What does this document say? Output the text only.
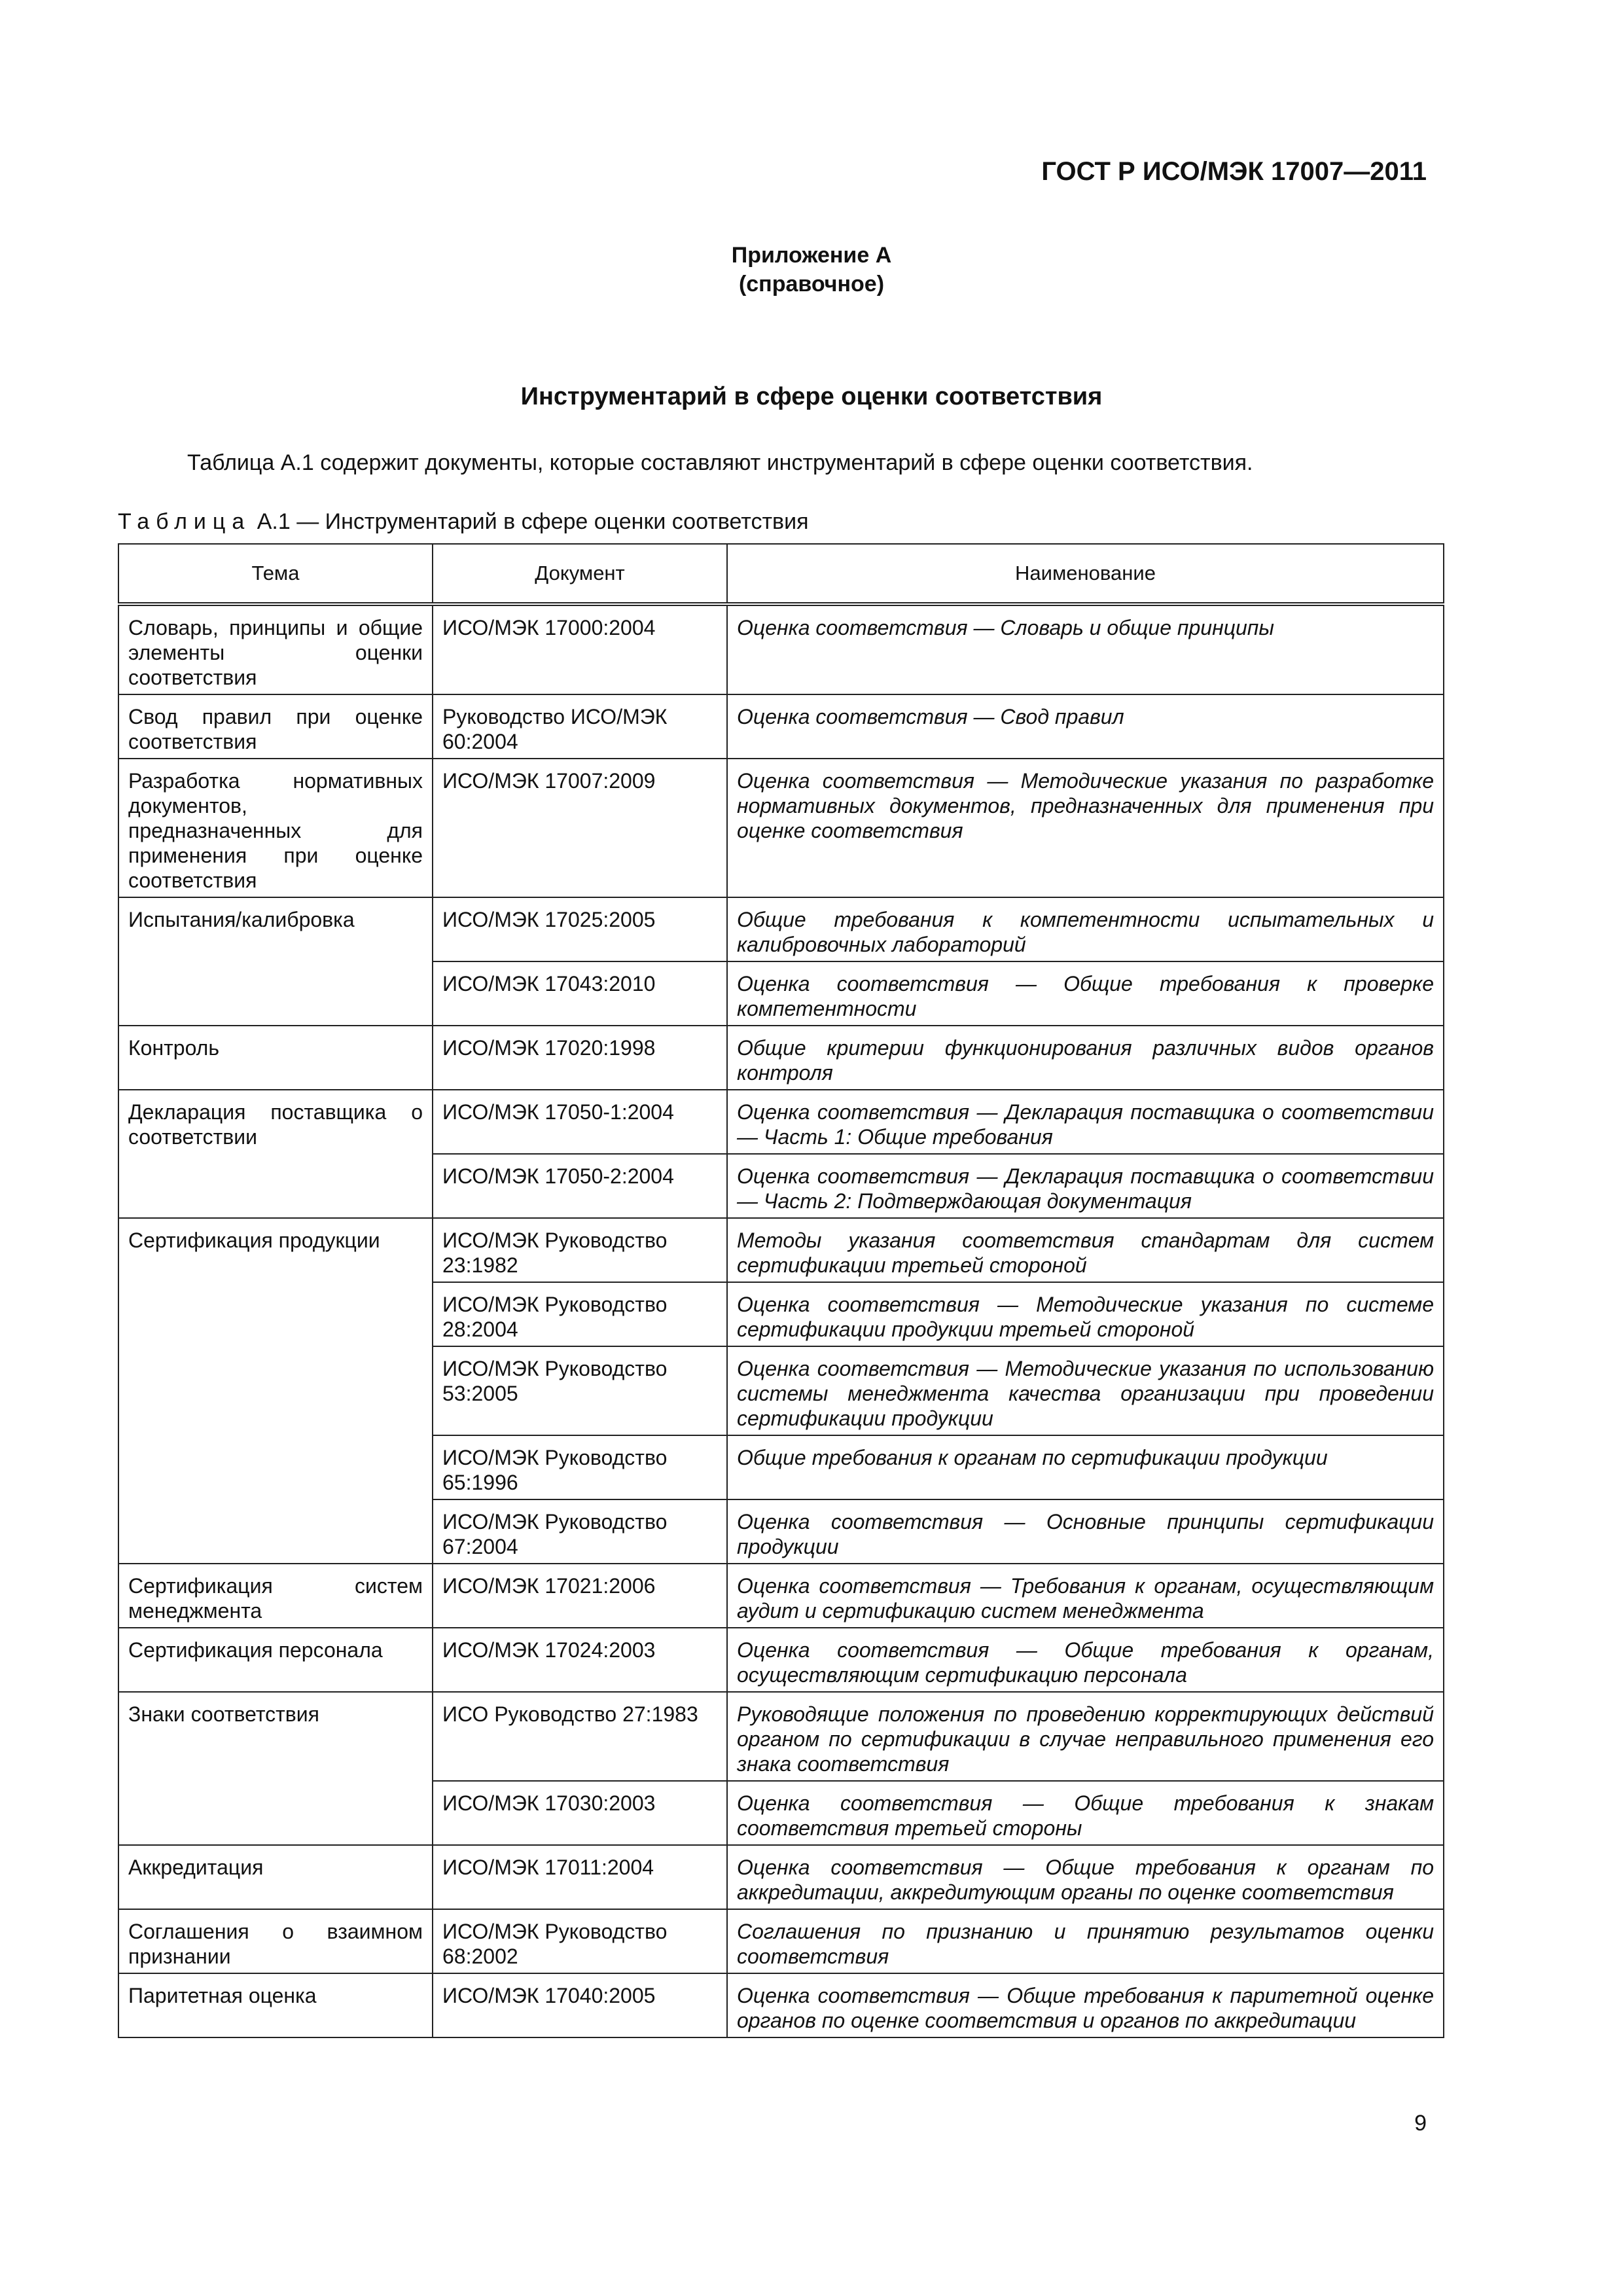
ГОСТ Р ИСО/МЭК 17007—2011
Приложение А
(справочное)
Инструментарий в сфере оценки соответствия
Таблица А.1 содержит документы, которые составляют инструментарий в сфере оценки соответствия.
Таблица А.1 — Инструментарий в сфере оценки соответствия
Тема	Документ	Наименование
Словарь, принципы и общие элементы оценки соответствия	ИСО/МЭК 17000:2004	Оценка соответствия — Словарь и общие принципы
Свод правил при оценке соответствия	Руководство ИСО/МЭК 60:2004	Оценка соответствия — Свод правил
Разработка нормативных документов, предназначенных для применения при оценке соответствия	ИСО/МЭК 17007:2009	Оценка соответствия — Методические указания по разработке нормативных документов, предназначенных для применения при оценке соответствия
Испытания/калибровка	ИСО/МЭК 17025:2005	Общие требования к компетентности испытательных и калибровочных лабораторий
	ИСО/МЭК 17043:2010	Оценка соответствия — Общие требования к проверке компетентности
Контроль	ИСО/МЭК 17020:1998	Общие критерии функционирования различных видов органов контроля
Декларация поставщика о соответствии	ИСО/МЭК 17050-1:2004	Оценка соответствия — Декларация поставщика о соответствии — Часть 1: Общие требования
	ИСО/МЭК 17050-2:2004	Оценка соответствия — Декларация поставщика о соответствии — Часть 2: Подтверждающая документация
Сертификация продукции	ИСО/МЭК Руководство 23:1982	Методы указания соответствия стандартам для систем сертификации третьей стороной
	ИСО/МЭК Руководство 28:2004	Оценка соответствия — Методические указания по системе сертификации продукции третьей стороной
	ИСО/МЭК Руководство 53:2005	Оценка соответствия — Методические указания по использованию системы менеджмента качества организации при проведении сертификации продукции
	ИСО/МЭК Руководство 65:1996	Общие требования к органам по сертификации продукции
	ИСО/МЭК Руководство 67:2004	Оценка соответствия — Основные принципы сертификации продукции
Сертификация систем менеджмента	ИСО/МЭК 17021:2006	Оценка соответствия — Требования к органам, осуществляющим аудит и сертификацию систем менеджмента
Сертификация персонала	ИСО/МЭК 17024:2003	Оценка соответствия — Общие требования к органам, осуществляющим сертификацию персонала
Знаки соответствия	ИСО Руководство 27:1983	Руководящие положения по проведению корректирующих действий органом по сертификации в случае неправильного применения его знака соответствия
	ИСО/МЭК 17030:2003	Оценка соответствия — Общие требования к знакам соответствия третьей стороны
Аккредитация	ИСО/МЭК 17011:2004	Оценка соответствия — Общие требования к органам по аккредитации, аккредитующим органы по оценке соответствия
Соглашения о взаимном признании	ИСО/МЭК Руководство 68:2002	Соглашения по признанию и принятию результатов оценки соответствия
Паритетная оценка	ИСО/МЭК 17040:2005	Оценка соответствия — Общие требования к паритетной оценке органов по оценке соответствия и органов по аккредитации
9
